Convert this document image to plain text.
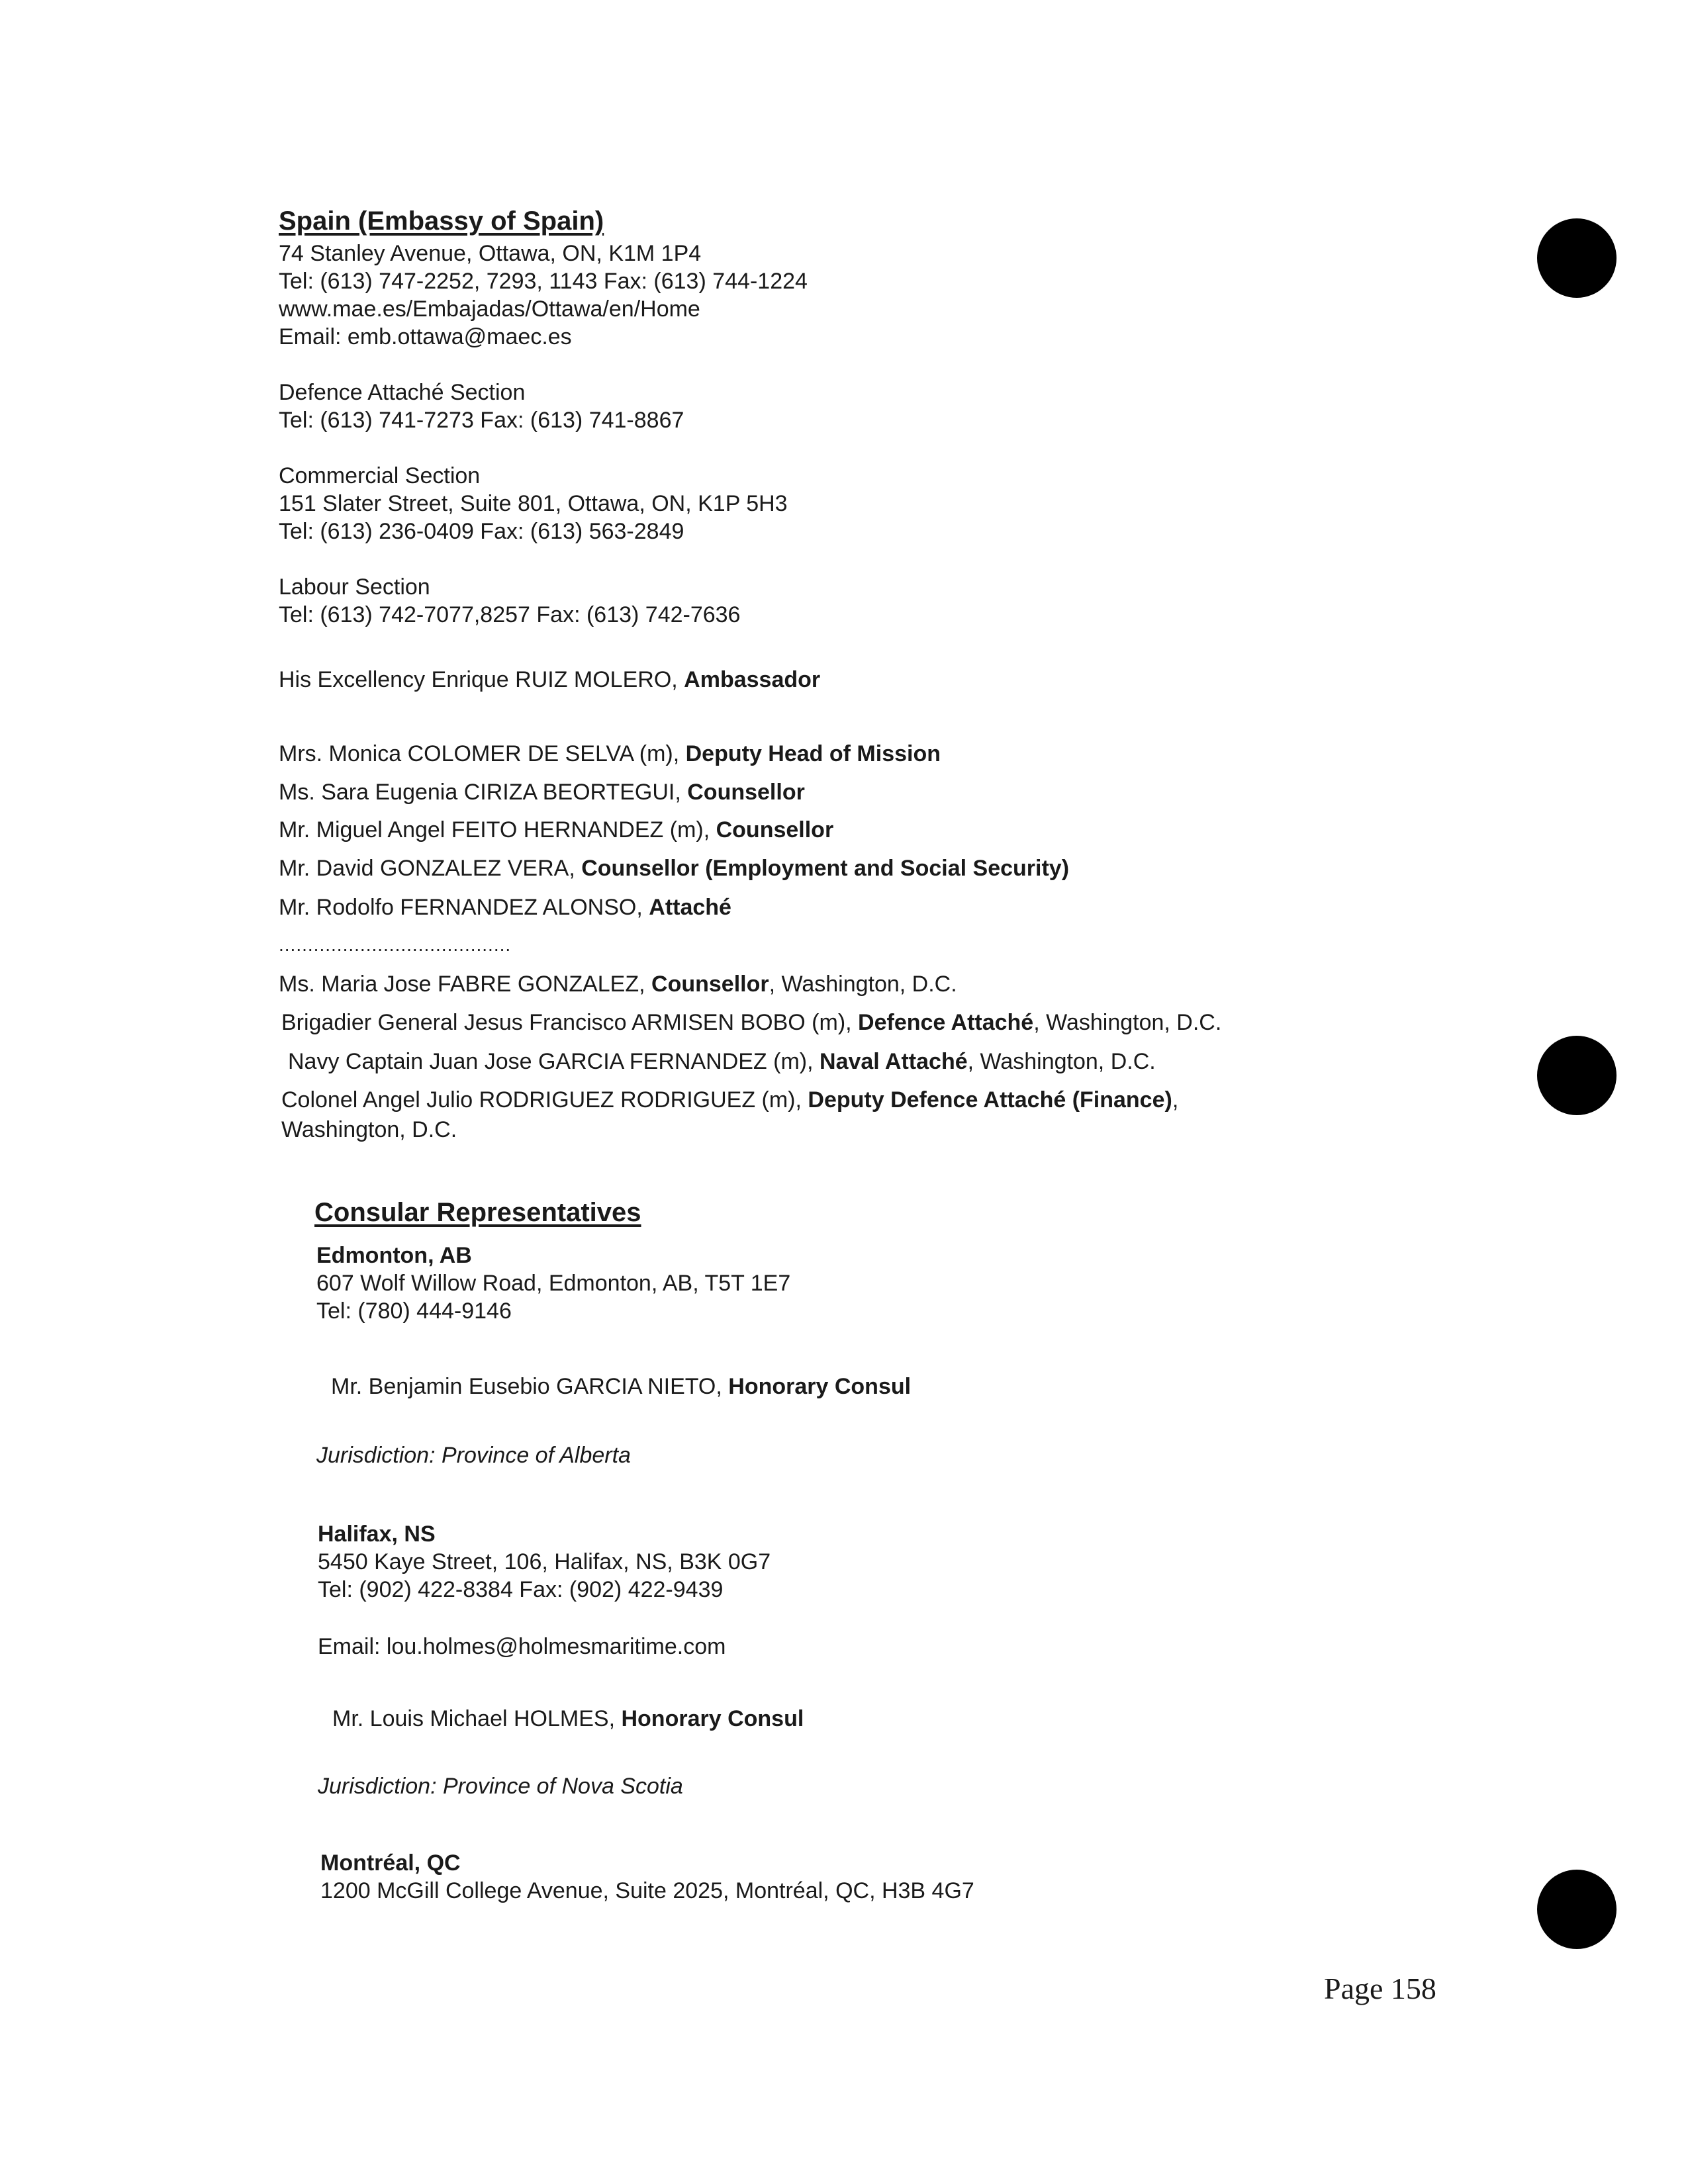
Spain (Embassy of Spain)
74 Stanley Avenue, Ottawa, ON, K1M 1P4
Tel: (613) 747-2252, 7293, 1143 Fax: (613) 744-1224
www.mae.es/Embajadas/Ottawa/en/Home
Email: emb.ottawa@maec.es
Defence Attaché Section
Tel: (613) 741-7273 Fax: (613) 741-8867
Commercial Section
151 Slater Street, Suite 801, Ottawa, ON, K1P 5H3
Tel: (613) 236-0409 Fax: (613) 563-2849
Labour Section
Tel: (613) 742-7077,8257 Fax: (613) 742-7636
His Excellency Enrique RUIZ MOLERO, Ambassador
Mrs. Monica COLOMER DE SELVA (m), Deputy Head of Mission
Ms. Sara Eugenia CIRIZA BEORTEGUI, Counsellor
Mr. Miguel Angel FEITO HERNANDEZ (m), Counsellor
Mr. David GONZALEZ VERA, Counsellor (Employment and Social Security)
Mr. Rodolfo FERNANDEZ ALONSO, Attaché
........................................
Ms. Maria Jose FABRE GONZALEZ, Counsellor, Washington, D.C.
Brigadier General Jesus Francisco ARMISEN BOBO (m), Defence Attaché, Washington, D.C.
Navy Captain Juan Jose GARCIA FERNANDEZ (m), Naval Attaché, Washington, D.C.
Colonel Angel Julio RODRIGUEZ RODRIGUEZ (m), Deputy Defence Attaché (Finance),
Washington, D.C.
Consular Representatives
Edmonton, AB
607 Wolf Willow Road, Edmonton, AB, T5T 1E7
Tel: (780) 444-9146
Mr. Benjamin Eusebio GARCIA NIETO, Honorary Consul
Jurisdiction: Province of Alberta
Halifax, NS
5450 Kaye Street, 106, Halifax, NS, B3K 0G7
Tel: (902) 422-8384 Fax: (902) 422-9439
Email: lou.holmes@holmesmaritime.com
Mr. Louis Michael HOLMES, Honorary Consul
Jurisdiction: Province of Nova Scotia
Montréal, QC
1200 McGill College Avenue, Suite 2025, Montréal, QC, H3B 4G7
Page 158
